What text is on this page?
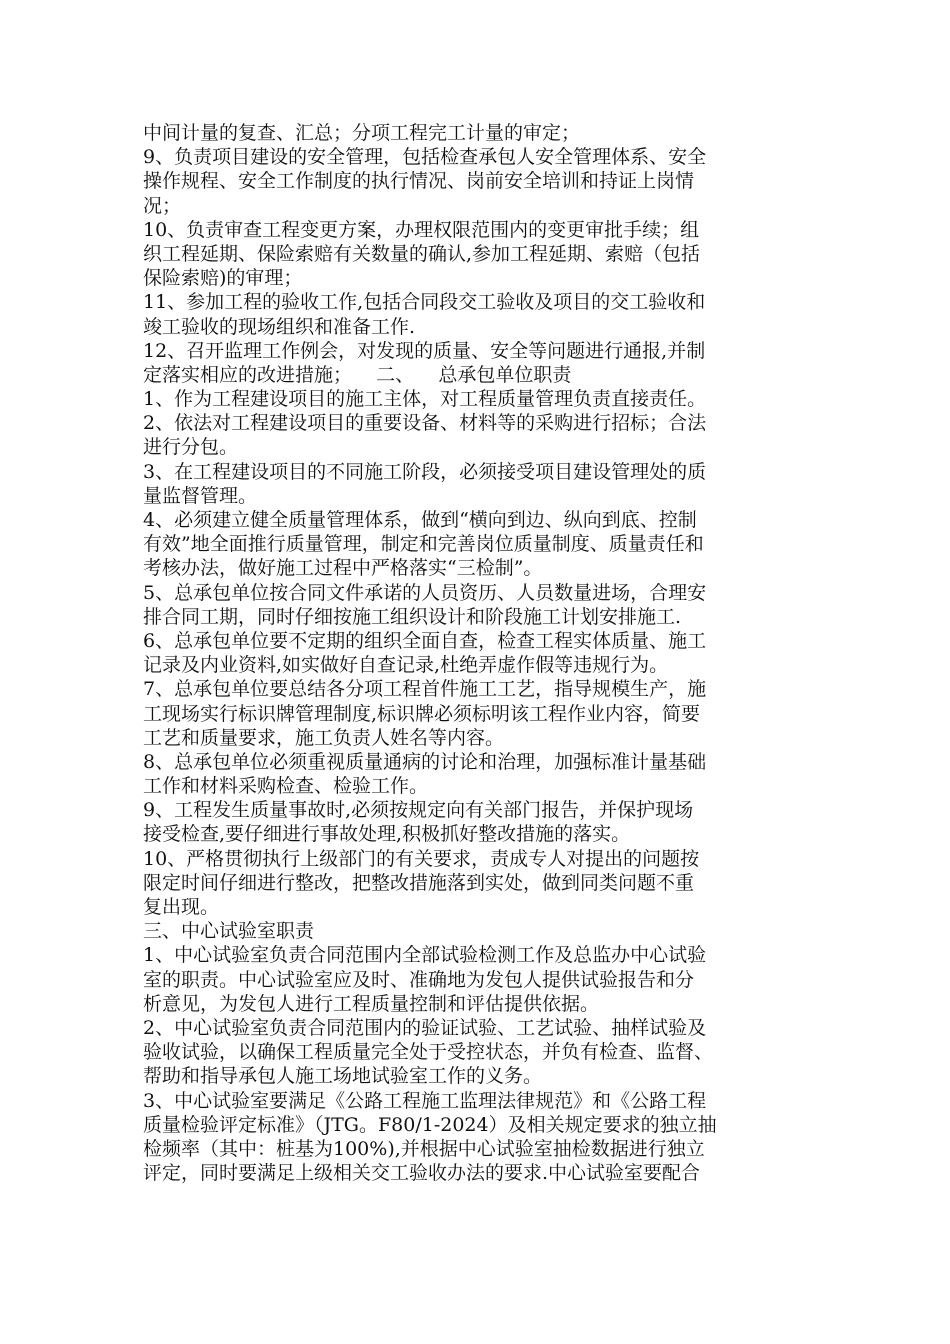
中间计量的复查、汇总；分项工程完工计量的审定；
9、负责项目建设的安全管理，包括检查承包人安全管理体系、安全
操作规程、安全工作制度的执行情况、岗前安全培训和持证上岗情
况；
10、负责审查工程变更方案，办理权限范围内的变更审批手续；组
织工程延期、保险索赔有关数量的确认,参加工程延期、索赔（包括
保险索赔)的审理；
11、参加工程的验收工作,包括合同段交工验收及项目的交工验收和
竣工验收的现场组织和准备工作.
12、召开监理工作例会，对发现的质量、安全等问题进行通报,并制
定落实相应的改进措施；    二、    总承包单位职责
1、作为工程建设项目的施工主体，对工程质量管理负责直接责任。
2、依法对工程建设项目的重要设备、材料等的采购进行招标；合法
进行分包。
3、在工程建设项目的不同施工阶段，必须接受项目建设管理处的质
量监督管理。
4、必须建立健全质量管理体系，做到“横向到边、纵向到底、控制
有效”地全面推行质量管理，制定和完善岗位质量制度、质量责任和
考核办法，做好施工过程中严格落实“三检制”。
5、总承包单位按合同文件承诺的人员资历、人员数量进场，合理安
排合同工期，同时仔细按施工组织设计和阶段施工计划安排施工.
6、总承包单位要不定期的组织全面自查，检查工程实体质量、施工
记录及内业资料,如实做好自查记录,杜绝弄虚作假等违规行为。
7、总承包单位要总结各分项工程首件施工工艺，指导规模生产，施
工现场实行标识牌管理制度,标识牌必须标明该工程作业内容，简要
工艺和质量要求，施工负责人姓名等内容。
8、总承包单位必须重视质量通病的讨论和治理，加强标准计量基础
工作和材料采购检查、检验工作。
9、工程发生质量事故时,必须按规定向有关部门报告，并保护现场
接受检查,要仔细进行事故处理,积极抓好整改措施的落实。
10、严格贯彻执行上级部门的有关要求，责成专人对提出的问题按
限定时间仔细进行整改，把整改措施落到实处，做到同类问题不重
复出现。
三、中心试验室职责
1、中心试验室负责合同范围内全部试验检测工作及总监办中心试验
室的职责。中心试验室应及时、准确地为发包人提供试验报告和分
析意见，为发包人进行工程质量控制和评估提供依据。
2、中心试验室负责合同范围内的验证试验、工艺试验、抽样试验及
验收试验，以确保工程质量完全处于受控状态，并负有检查、监督、
帮助和指导承包人施工场地试验室工作的义务。
3、中心试验室要满足《公路工程施工监理法律规范》和《公路工程
质量检验评定标准》（JTG。F80/1-2024）及相关规定要求的独立抽
检频率（其中：桩基为100%),并根据中心试验室抽检数据进行独立
评定，同时要满足上级相关交工验收办法的要求.中心试验室要配合
